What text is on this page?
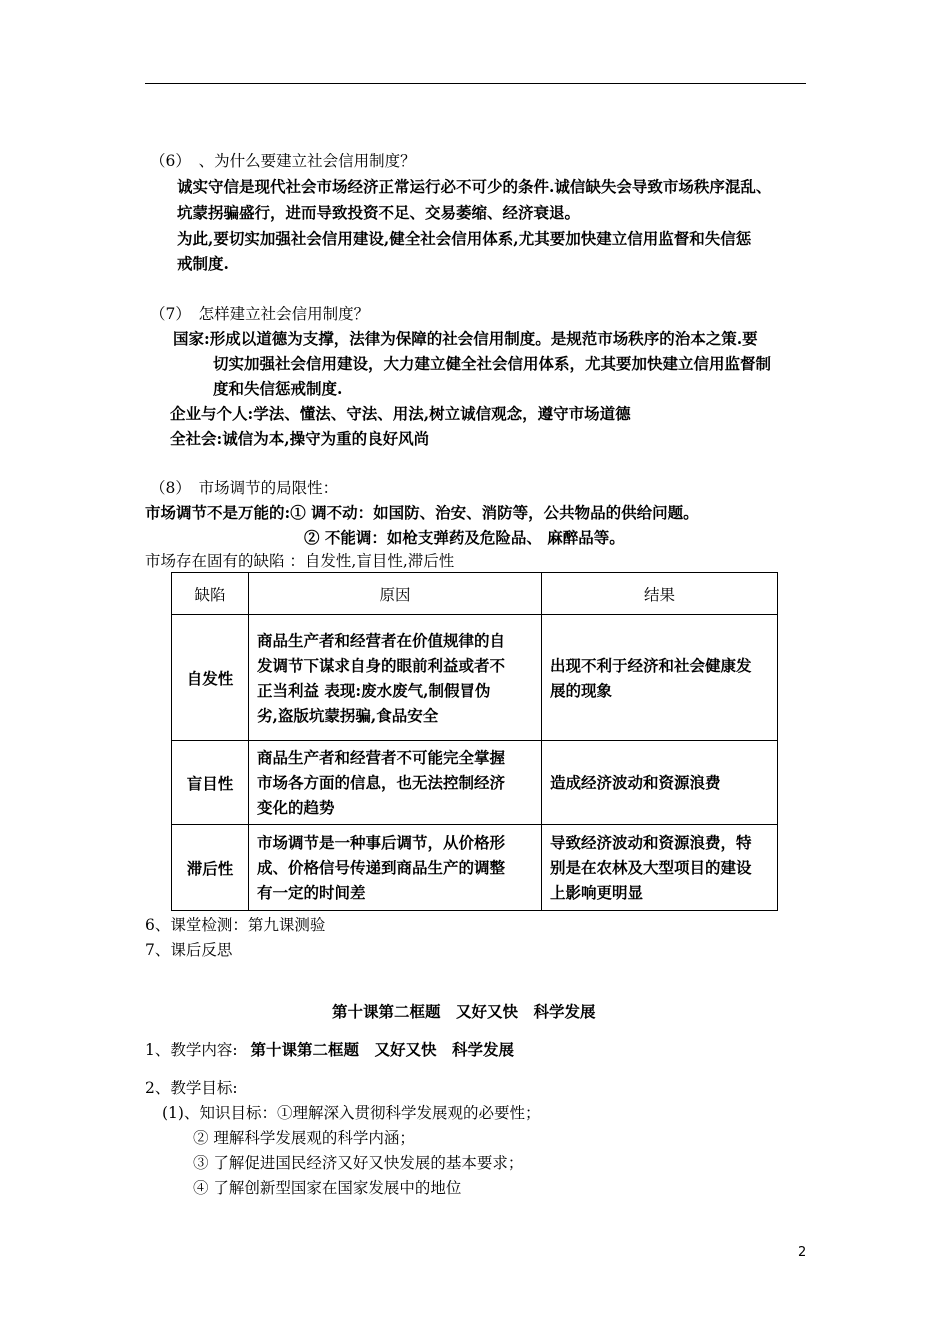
（6）　、为什么要建立社会信用制度？
诚实守信是现代社会市场经济正常运行必不可少的条件.诚信缺失会导致市场秩序混乱、
坑蒙拐骗盛行，进而导致投资不足、交易萎缩、经济衰退。
为此,要切实加强社会信用建设,健全社会信用体系,尤其要加快建立信用监督和失信惩
戒制度.
（7）　怎样建立社会信用制度？
国家:形成以道德为支撑，法律为保障的社会信用制度。是规范市场秩序的治本之策.要
切实加强社会信用建设，大力建立健全社会信用体系，尤其要加快建立信用监督制
度和失信惩戒制度.
企业与个人:学法、懂法、守法、用法,树立诚信观念，遵守市场道德
全社会:诚信为本,操守为重的良好风尚
（8）　市场调节的局限性：
市场调节不是万能的:① 调不动：如国防、治安、消防等，公共物品的供给问题。
② 不能调：如枪支弹药及危险品、 麻醉品等。
市场存在固有的缺陷 ：自发性,盲目性,滞后性
缺陷	原因	结果
自发性
商品生产者和经营者在价值规律的自
发调节下谋求自身的眼前利益或者不
正当利益 表现:废水废气,制假冒伪
劣,盗版坑蒙拐骗,食品安全
出现不利于经济和社会健康发
展的现象
盲目性
商品生产者和经营者不可能完全掌握
市场各方面的信息，也无法控制经济
变化的趋势
造成经济波动和资源浪费
滞后性
市场调节是一种事后调节，从价格形
成、价格信号传递到商品生产的调整
有一定的时间差
导致经济波动和资源浪费，特
别是在农林及大型项目的建设
上影响更明显
6、课堂检测：第九课测验
7、课后反思
第十课第二框题　又好又快　科学发展
1、教学内容: 第十课第二框题　又好又快　科学发展
2、教学目标:
(1)、知识目标：①理解深入贯彻科学发展观的必要性；
② 理解科学发展观的科学内涵；
③ 了解促进国民经济又好又快发展的基本要求；
④ 了解创新型国家在国家发展中的地位
2
